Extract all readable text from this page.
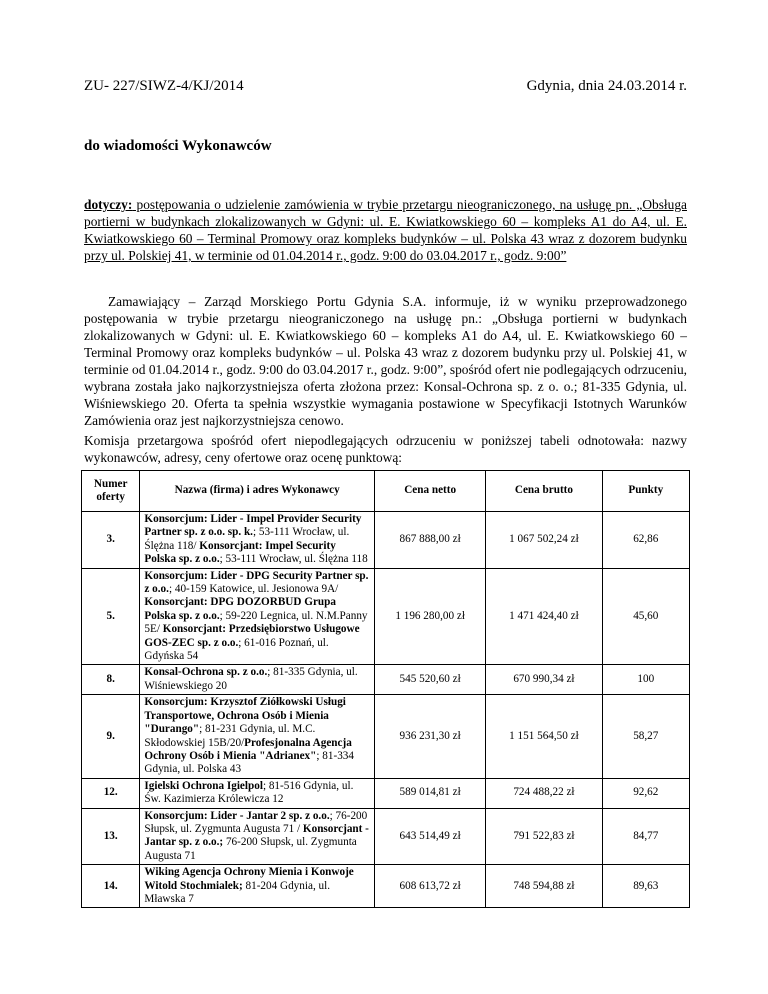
ZU- 227/SIWZ-4/KJ/2014	Gdynia, dnia 24.03.2014 r.
do wiadomości Wykonawców
dotyczy: postępowania o udzielenie zamówienia w trybie przetargu nieograniczonego, na usługę pn. „Obsługa portierni w budynkach zlokalizowanych w Gdyni: ul. E. Kwiatkowskiego 60 – kompleks A1 do A4, ul. E. Kwiatkowskiego 60 – Terminal Promowy oraz kompleks budynków – ul. Polska 43 wraz z dozorem budynku przy ul. Polskiej 41, w terminie od 01.04.2014 r., godz. 9:00 do 03.04.2017 r., godz. 9:00”
Zamawiający – Zarząd Morskiego Portu Gdynia S.A. informuje, iż w wyniku przeprowadzonego postępowania w trybie przetargu nieograniczonego na usługę pn.: „Obsługa portierni w budynkach zlokalizowanych w Gdyni: ul. E. Kwiatkowskiego 60 – kompleks A1 do A4, ul. E. Kwiatkowskiego 60 – Terminal Promowy oraz kompleks budynków – ul. Polska 43 wraz z dozorem budynku przy ul. Polskiej 41, w terminie od 01.04.2014 r., godz. 9:00 do 03.04.2017 r., godz. 9:00”, spośród ofert nie podlegających odrzuceniu, wybrana została jako najkorzystniejsza oferta złożona przez: Konsal-Ochrona sp. z o. o.; 81-335 Gdynia, ul. Wiśniewskiego 20. Oferta ta spełnia wszystkie wymagania postawione w Specyfikacji Istotnych Warunków Zamówienia oraz jest najkorzystniejsza cenowo.
Komisja przetargowa spośród ofert niepodlegających odrzuceniu w poniższej tabeli odnotowała: nazwy wykonawców, adresy, ceny ofertowe oraz ocenę punktową:
Numer oferty	Nazwa (firma) i adres Wykonawcy	Cena netto	Cena brutto	Punkty
3.	Konsorcjum: Lider - Impel Provider Security Partner sp. z o.o. sp. k.; 53-111 Wrocław, ul. Ślężna 118/ Konsorcjant: Impel Security Polska sp. z o.o.; 53-111 Wrocław, ul. Ślężna 118	867 888,00 zł	1 067 502,24 zł	62,86
5.	Konsorcjum: Lider - DPG Security Partner sp. z o.o.; 40-159 Katowice, ul. Jesionowa 9A/ Konsorcjant: DPG DOZORBUD Grupa Polska sp. z o.o.; 59-220 Legnica, ul. N.M.Panny 5E/ Konsorcjant: Przedsiębiorstwo Usługowe GOS-ZEC sp. z o.o.; 61-016 Poznań, ul. Gdyńska 54	1 196 280,00 zł	1 471 424,40 zł	45,60
8.	Konsal-Ochrona sp. z o.o.; 81-335 Gdynia, ul. Wiśniewskiego 20	545 520,60 zł	670 990,34 zł	100
9.	Konsorcjum: Krzysztof Ziółkowski Usługi Transportowe, Ochrona Osób i Mienia "Durango"; 81-231 Gdynia, ul. M.C. Skłodowskiej 15B/20/Profesjonalna Agencja Ochrony Osób i Mienia "Adrianex"; 81-334 Gdynia, ul. Polska 43	936 231,30 zł	1 151 564,50 zł	58,27
12.	Igielski Ochrona Igielpol; 81-516 Gdynia, ul. Św. Kazimierza Królewicza 12	589 014,81 zł	724 488,22 zł	92,62
13.	Konsorcjum: Lider - Jantar 2 sp. z o.o.; 76-200 Słupsk, ul. Zygmunta Augusta 71 / Konsorcjant - Jantar sp. z o.o.; 76-200 Słupsk, ul. Zygmunta Augusta 71	643 514,49 zł	791 522,83 zł	84,77
14.	Wiking Agencja Ochrony Mienia i Konwoje Witold Stochmialek; 81-204 Gdynia, ul. Mławska 7	608 613,72 zł	748 594,88 zł	89,63
